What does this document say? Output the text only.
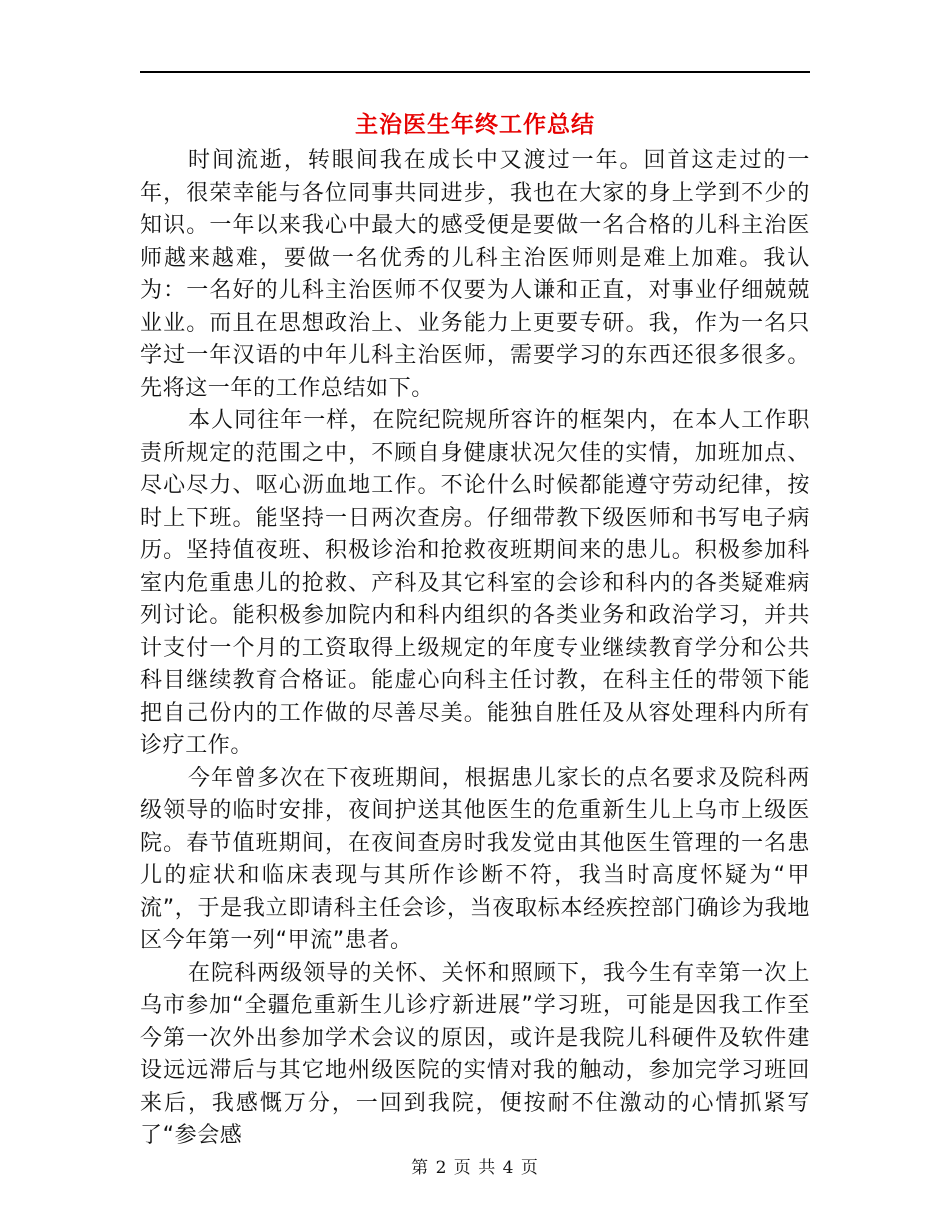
主治医生年终工作总结

时间流逝，转眼间我在成长中又渡过一年。回首这走过的一年，很荣幸能与各位同事共同进步，我也在大家的身上学到不少的知识。一年以来我心中最大的感受便是要做一名合格的儿科主治医师越来越难，要做一名优秀的儿科主治医师则是难上加难。我认为：一名好的儿科主治医师不仅要为人谦和正直，对事业仔细兢兢业业。而且在思想政治上、业务能力上更要专研。我，作为一名只学过一年汉语的中年儿科主治医师，需要学习的东西还很多很多。先将这一年的工作总结如下。

本人同往年一样，在院纪院规所容许的框架内，在本人工作职责所规定的范围之中，不顾自身健康状况欠佳的实情，加班加点、尽心尽力、呕心沥血地工作。不论什么时候都能遵守劳动纪律，按时上下班。能坚持一日两次查房。仔细带教下级医师和书写电子病历。坚持值夜班、积极诊治和抢救夜班期间来的患儿。积极参加科室内危重患儿的抢救、产科及其它科室的会诊和科内的各类疑难病列讨论。能积极参加院内和科内组织的各类业务和政治学习，并共计支付一个月的工资取得上级规定的年度专业继续教育学分和公共科目继续教育合格证。能虚心向科主任讨教，在科主任的带领下能把自己份内的工作做的尽善尽美。能独自胜任及从容处理科内所有诊疗工作。

今年曾多次在下夜班期间，根据患儿家长的点名要求及院科两级领导的临时安排，夜间护送其他医生的危重新生儿上乌市上级医院。春节值班期间，在夜间查房时我发觉由其他医生管理的一名患儿的症状和临床表现与其所作诊断不符，我当时高度怀疑为“甲流”，于是我立即请科主任会诊，当夜取标本经疾控部门确诊为我地区今年第一列“甲流”患者。

在院科两级领导的关怀、关怀和照顾下，我今生有幸第一次上乌市参加“全疆危重新生儿诊疗新进展”学习班，可能是因我工作至今第一次外出参加学术会议的原因，或许是我院儿科硬件及软件建设远远滞后与其它地州级医院的实情对我的触动，参加完学习班回来后，我感慨万分，一回到我院，便按耐不住激动的心情抓紧写了“参会感

第 2 页 共 4 页
